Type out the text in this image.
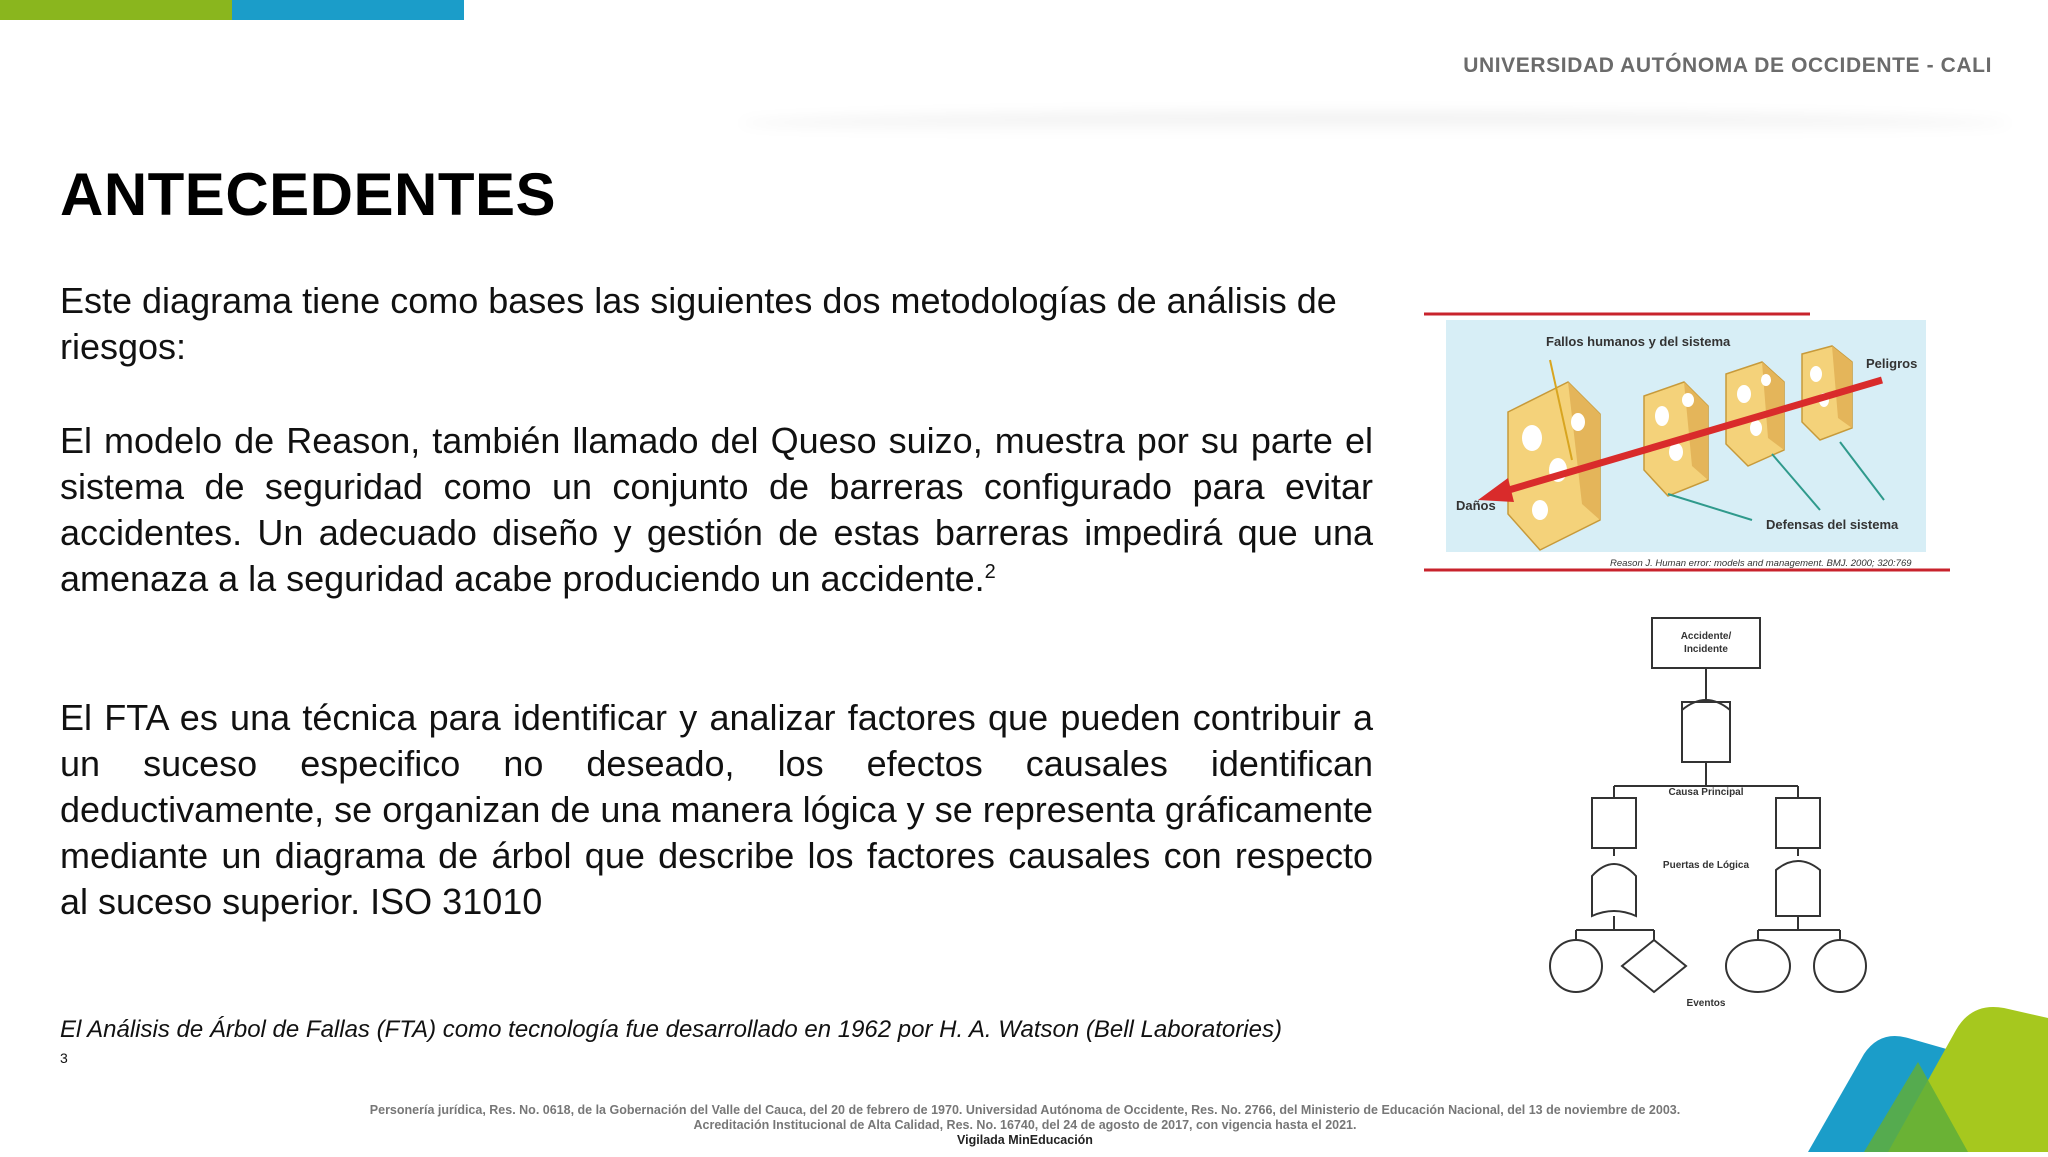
UNIVERSIDAD AUTÓNOMA DE OCCIDENTE - CALI
ANTECEDENTES
Este diagrama tiene como bases las siguientes dos metodologías de análisis de riesgos:
El modelo de Reason, también llamado del Queso suizo, muestra por su parte el sistema de seguridad como un conjunto de barreras configurado para evitar accidentes. Un adecuado diseño y gestión de estas barreras impedirá que una amenaza a la seguridad acabe produciendo un accidente.$^2$
El FTA es una técnica para identificar y analizar factores que pueden contribuir a un suceso especifico no deseado, los efectos causales identifican deductivamente, se organizan de una manera lógica y se representa gráficamente mediante un diagrama de árbol que describe los factores causales con respecto al suceso superior. ISO 31010
El Análisis de Árbol de Fallas (FTA) como tecnología fue desarrollado en 1962 por H. A. Watson (Bell Laboratories)
3
Fallos humanos y del sistema
Peligros
Daños
Defensas del sistema
Reason J. Human error: models and management. BMJ. 2000; 320:769
Accidente/
Incidente
Causa Principal
Puertas de Lógica
Eventos
Personería jurídica, Res. No. 0618, de la Gobernación del Valle del Cauca, del 20 de febrero de 1970. Universidad Autónoma de Occidente, Res. No. 2766, del Ministerio de Educación Nacional, del 13 de noviembre de 2003.
Acreditación Institucional de Alta Calidad, Res. No. 16740, del 24 de agosto de 2017, con vigencia hasta el 2021.
Vigilada MinEducación
